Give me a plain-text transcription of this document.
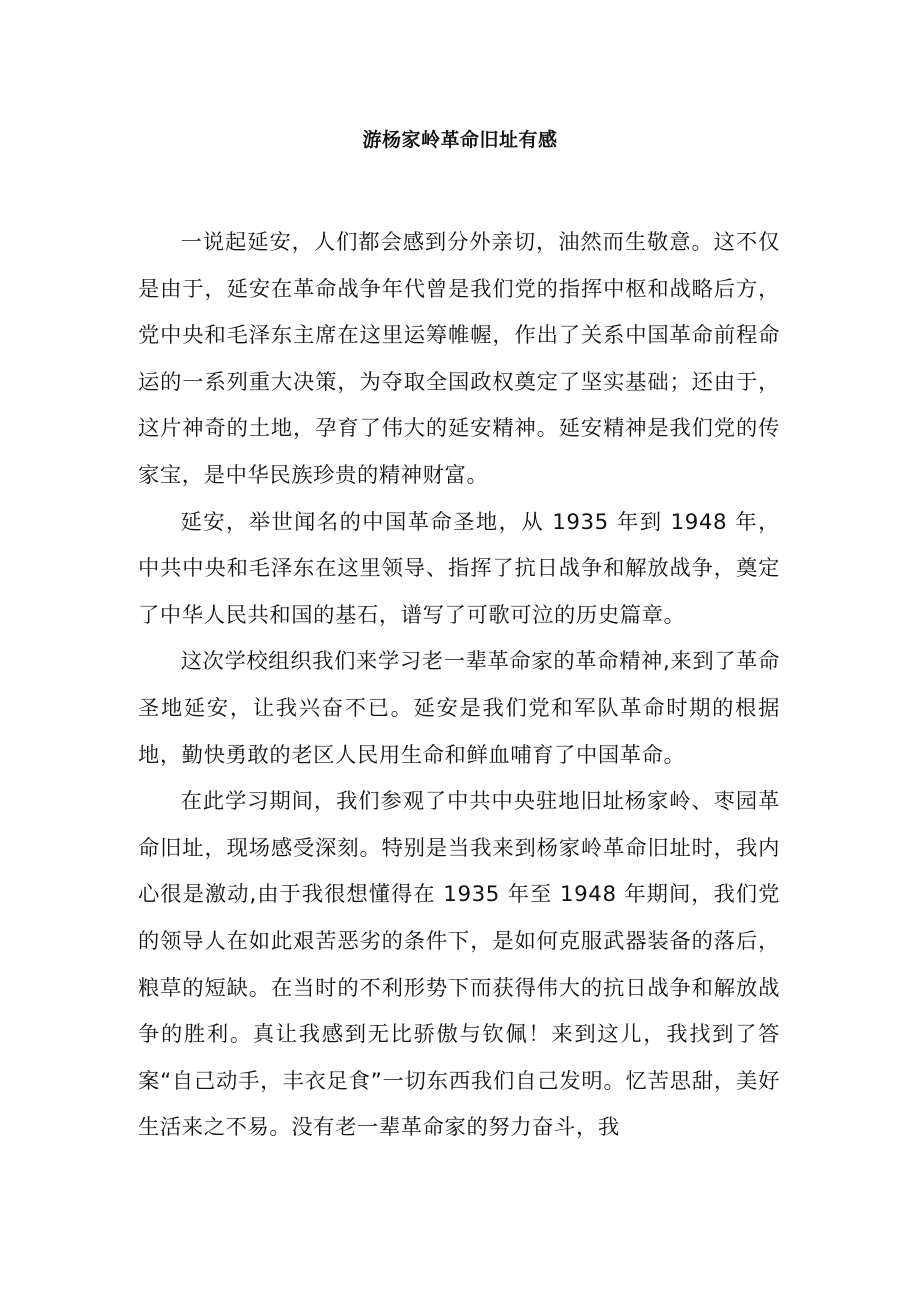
游杨家岭革命旧址有感

一说起延安，人们都会感到分外亲切，油然而生敬意。这不仅是由于，延安在革命战争年代曾是我们党的指挥中枢和战略后方，党中央和毛泽东主席在这里运筹帷幄，作出了关系中国革命前程命运的一系列重大决策，为夺取全国政权奠定了坚实基础；还由于，这片神奇的土地，孕育了伟大的延安精神。延安精神是我们党的传家宝，是中华民族珍贵的精神财富。

延安，举世闻名的中国革命圣地，从 1935 年到 1948 年，中共中央和毛泽东在这里领导、指挥了抗日战争和解放战争，奠定了中华人民共和国的基石，谱写了可歌可泣的历史篇章。

这次学校组织我们来学习老一辈革命家的革命精神,来到了革命圣地延安，让我兴奋不已。延安是我们党和军队革命时期的根据地，勤快勇敢的老区人民用生命和鲜血哺育了中国革命。

在此学习期间，我们参观了中共中央驻地旧址杨家岭、枣园革命旧址，现场感受深刻。特别是当我来到杨家岭革命旧址时，我内心很是激动,由于我很想懂得在 1935 年至 1948 年期间，我们党的领导人在如此艰苦恶劣的条件下，是如何克服武器装备的落后，粮草的短缺。在当时的不利形势下而获得伟大的抗日战争和解放战争的胜利。真让我感到无比骄傲与钦佩！来到这儿，我找到了答案“自己动手，丰衣足食”一切东西我们自己发明。忆苦思甜，美好生活来之不易。没有老一辈革命家的努力奋斗，我
